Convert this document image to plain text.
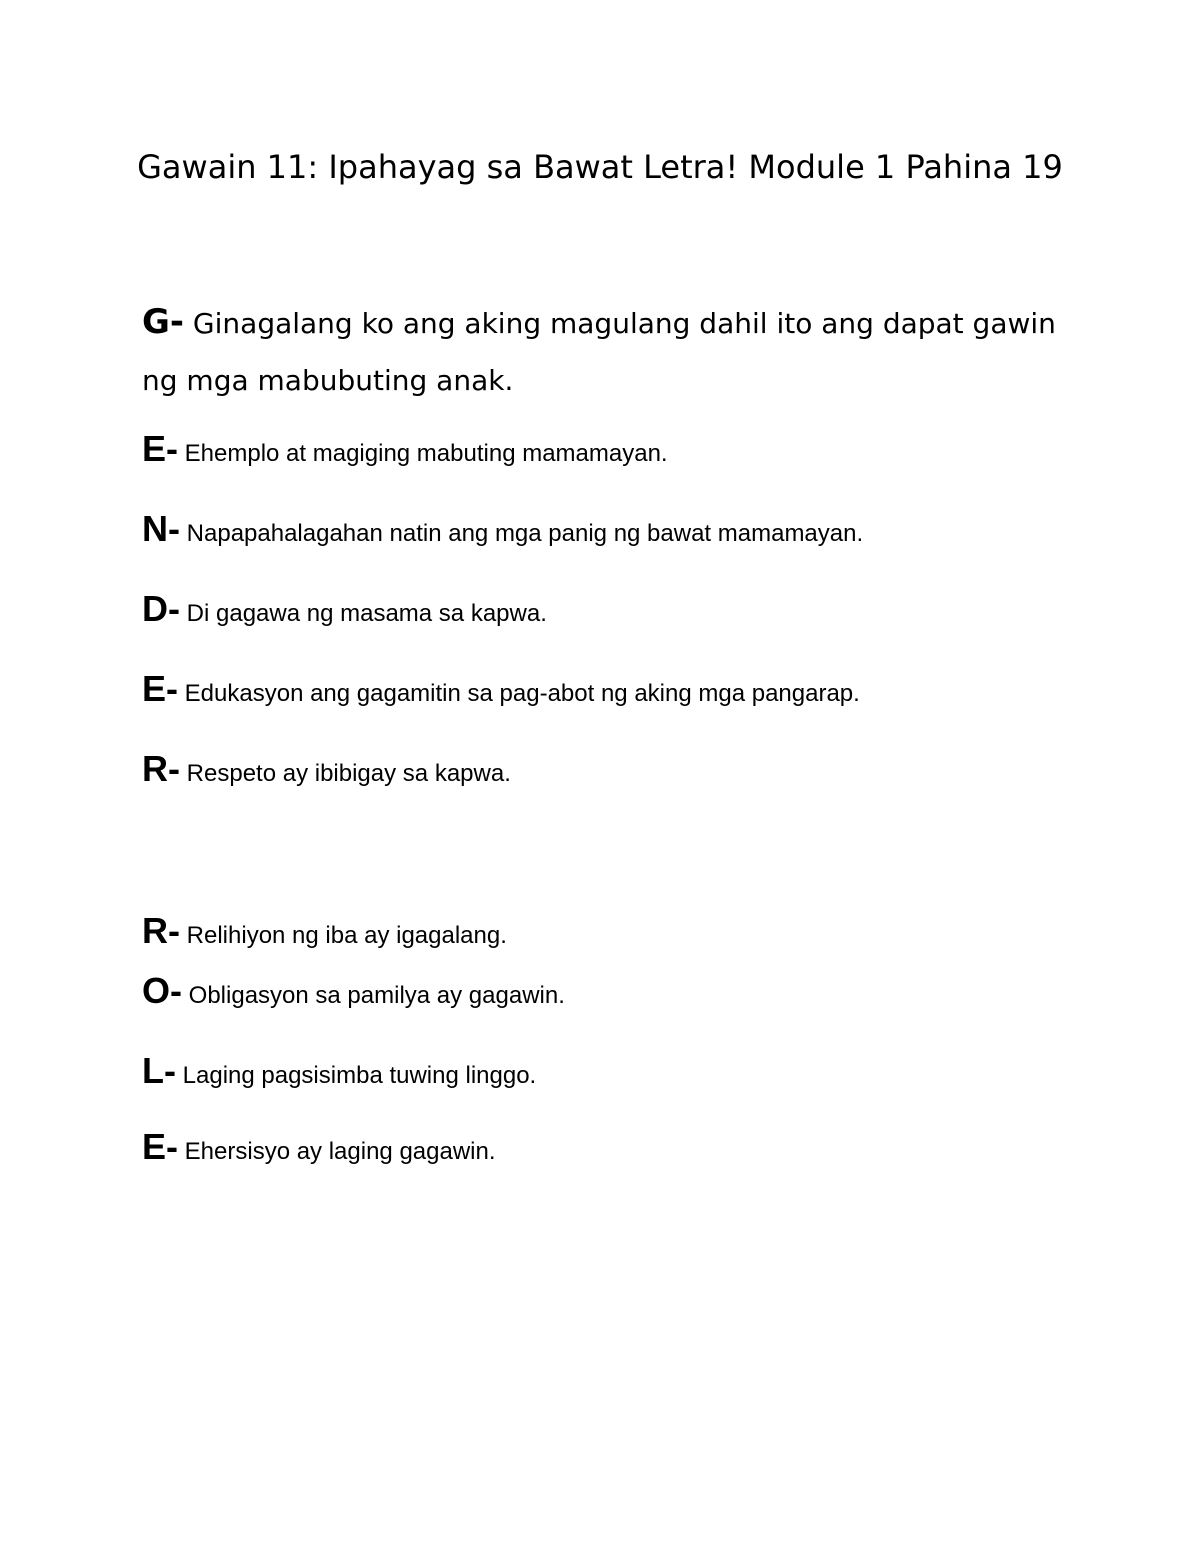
Gawain 11: Ipahayag sa Bawat Letra! Module 1 Pahina 19
G- Ginagalang ko ang aking magulang dahil ito ang dapat gawin ng mga mabubuting anak.
E- Ehemplo at magiging mabuting mamamayan.
N- Napapahalagahan natin ang mga panig ng bawat mamamayan.
D- Di gagawa ng masama sa kapwa.
E- Edukasyon ang gagamitin sa pag-abot ng aking mga pangarap.
R- Respeto ay ibibigay sa kapwa.
R- Relihiyon ng iba ay igagalang.
O- Obligasyon sa pamilya ay gagawin.
L- Laging pagsisimba tuwing linggo.
E- Ehersisyo ay laging gagawin.
